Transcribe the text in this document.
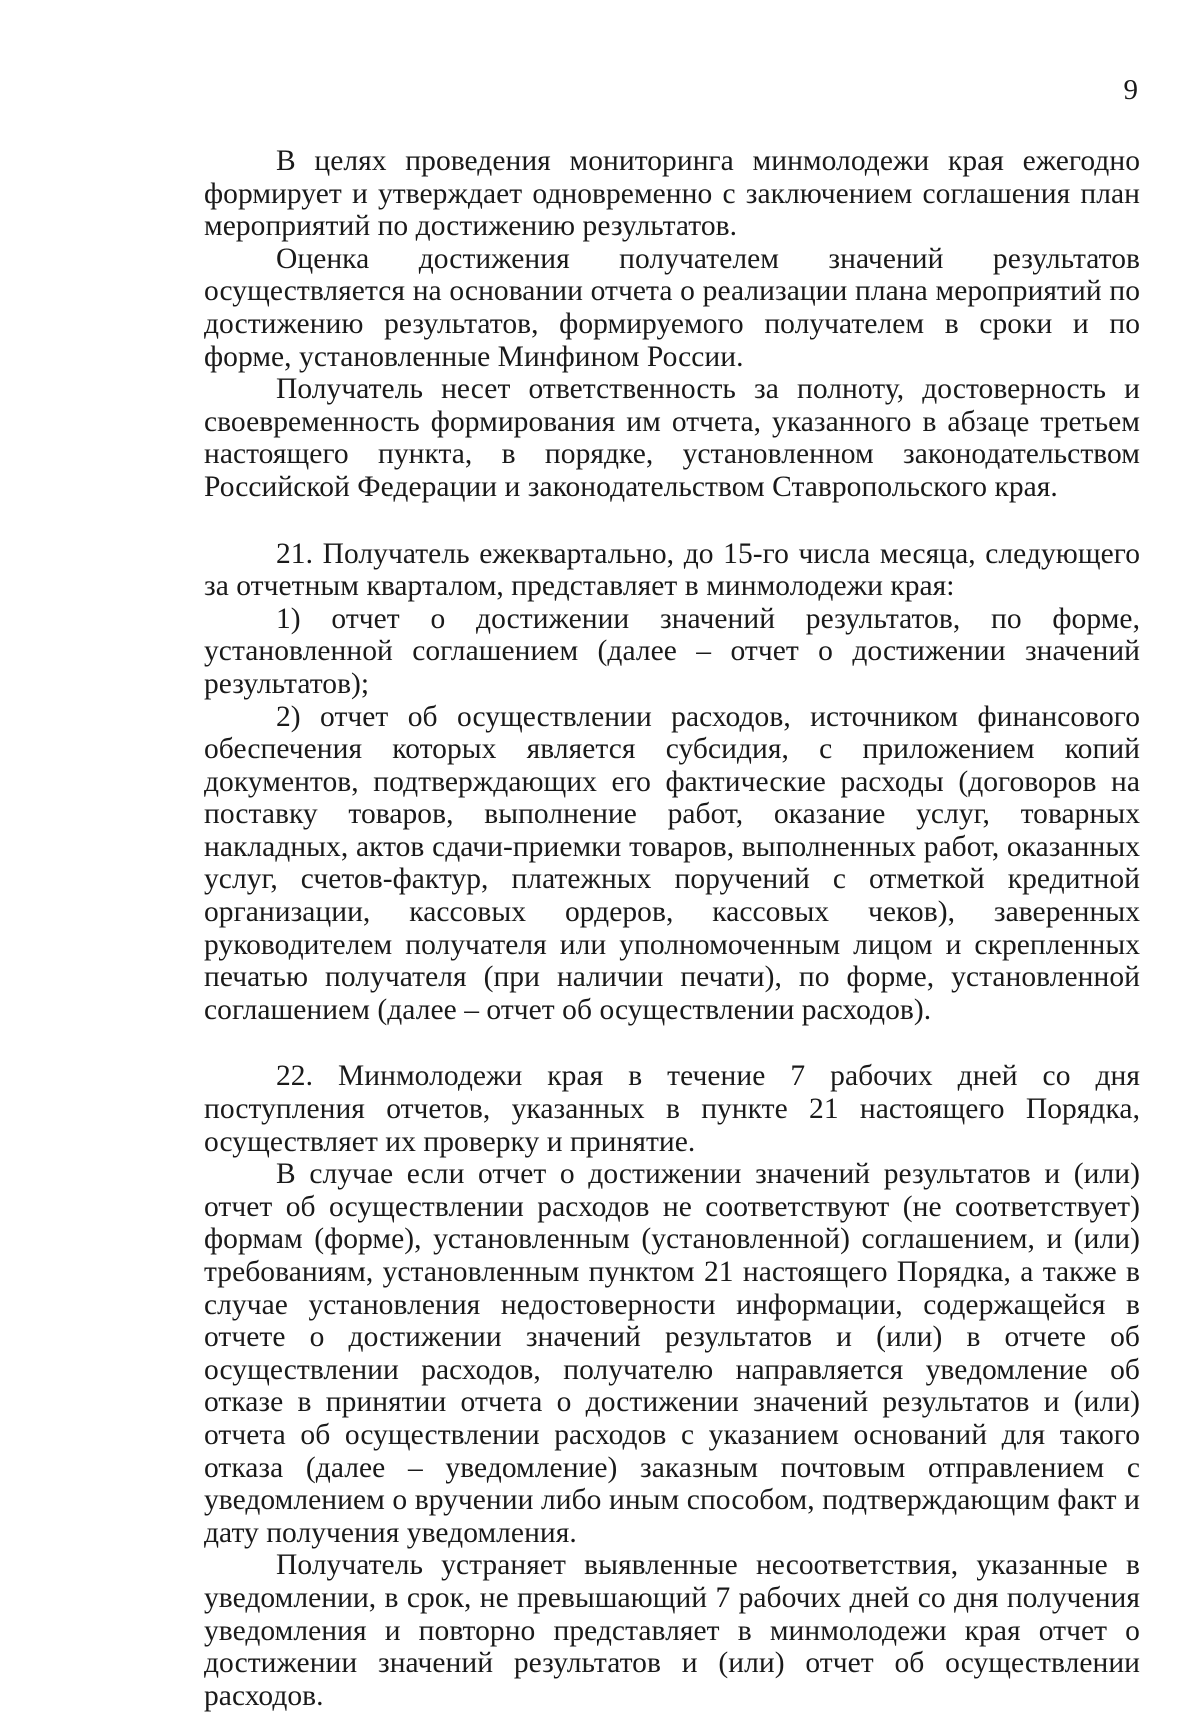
9

В целях проведения мониторинга минмолодежи края ежегодно формирует и утверждает одновременно с заключением соглашения план мероприятий по достижению результатов.

Оценка достижения получателем значений результатов осуществляется на основании отчета о реализации плана мероприятий по достижению результатов, формируемого получателем в сроки и по форме, установленные Минфином России.

Получатель несет ответственность за полноту, достоверность и своевременность формирования им отчета, указанного в абзаце третьем настоящего пункта, в порядке, установленном законодательством Российской Федерации и законодательством Ставропольского края.

21. Получатель ежеквартально, до 15-го числа месяца, следующего за отчетным кварталом, представляет в минмолодежи края:

1) отчет о достижении значений результатов, по форме, установленной соглашением (далее – отчет о достижении значений результатов);

2) отчет об осуществлении расходов, источником финансового обеспечения которых является субсидия, с приложением копий документов, подтверждающих его фактические расходы (договоров на поставку товаров, выполнение работ, оказание услуг, товарных накладных, актов сдачи-приемки товаров, выполненных работ, оказанных услуг, счетов-фактур, платежных поручений с отметкой кредитной организации, кассовых ордеров, кассовых чеков), заверенных руководителем получателя или уполномоченным лицом и скрепленных печатью получателя (при наличии печати), по форме, установленной соглашением (далее – отчет об осуществлении расходов).

22. Минмолодежи края в течение 7 рабочих дней со дня поступления отчетов, указанных в пункте 21 настоящего Порядка, осуществляет их проверку и принятие.

В случае если отчет о достижении значений результатов и (или) отчет об осуществлении расходов не соответствуют (не соответствует) формам (форме), установленным (установленной) соглашением, и (или) требованиям, установленным пунктом 21 настоящего Порядка, а также в случае установления недостоверности информации, содержащейся в отчете о достижении значений результатов и (или) в отчете об осуществлении расходов, получателю направляется уведомление об отказе в принятии отчета о достижении значений результатов и (или) отчета об осуществлении расходов с указанием оснований для такого отказа (далее – уведомление) заказным почтовым отправлением с уведомлением о вручении либо иным способом, подтверждающим факт и дату получения уведомления.

Получатель устраняет выявленные несоответствия, указанные в уведомлении, в срок, не превышающий 7 рабочих дней со дня получения уведомления и повторно представляет в минмолодежи края отчет о достижении значений результатов и (или) отчет об осуществлении расходов.
